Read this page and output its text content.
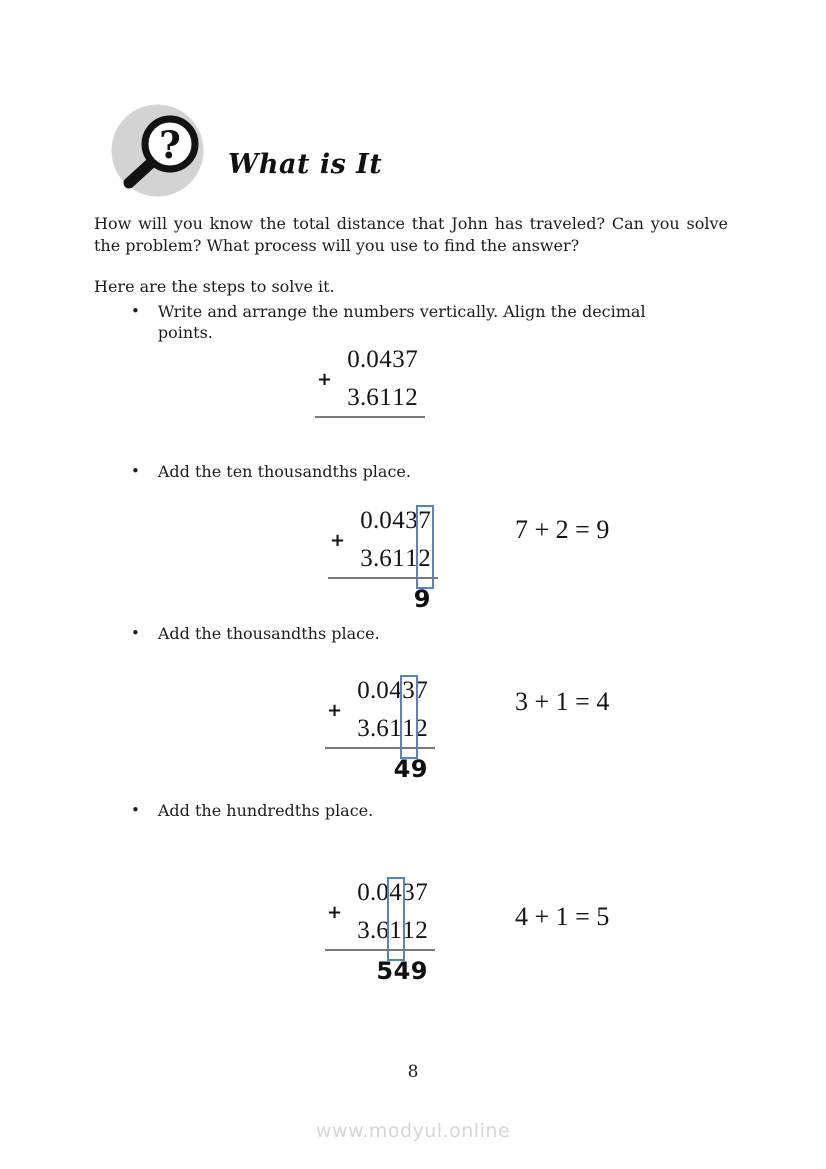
? What is It

How will you know the total distance that John has traveled? Can you solve the problem? What process will you use to find the answer?

Here are the steps to solve it.

• Write and arrange the numbers vertically. Align the decimal points.
0 . 0 4 3 7
+
3 . 6 1 1 2
• Add the ten thousandths place.
0 . 0 4 3 7
+
3 . 6 1 1 2
9
7 + 2 = 9
• Add the thousandths place.
0 . 0 4 3 7
+
3 . 6 1 1 2
49
3 + 1 = 4
• Add the hundredths place.
0 . 0 4 3 7
+
3 . 6 1 1 2
549
4 + 1 = 5
8
www.modyul.online
